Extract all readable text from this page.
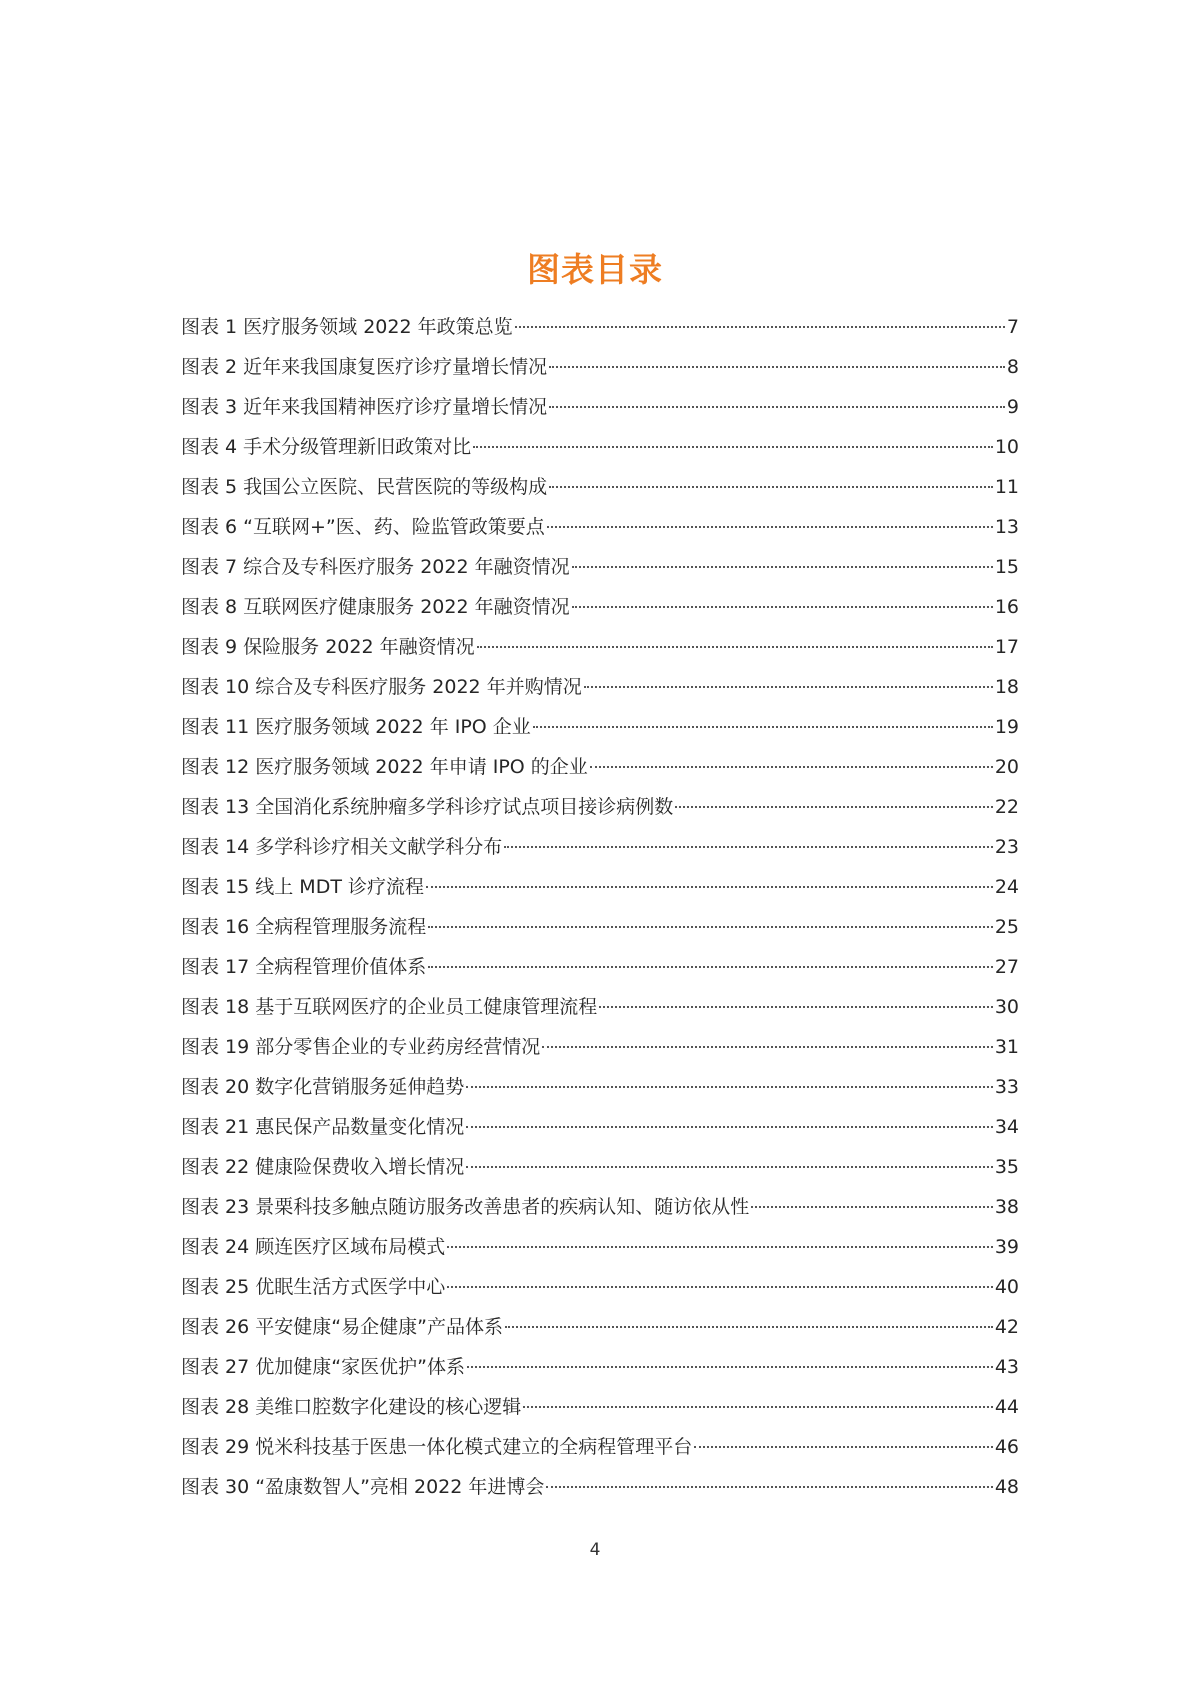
图表目录
图表 1 医疗服务领域 2022 年政策总览	7
图表 2 近年来我国康复医疗诊疗量增长情况	8
图表 3 近年来我国精神医疗诊疗量增长情况	9
图表 4 手术分级管理新旧政策对比	10
图表 5 我国公立医院、民营医院的等级构成	11
图表 6 “互联网+”医、药、险监管政策要点	13
图表 7 综合及专科医疗服务 2022 年融资情况	15
图表 8 互联网医疗健康服务 2022 年融资情况	16
图表 9 保险服务 2022 年融资情况	17
图表 10 综合及专科医疗服务 2022 年并购情况	18
图表 11 医疗服务领域 2022 年 IPO 企业	19
图表 12 医疗服务领域 2022 年申请 IPO 的企业	20
图表 13 全国消化系统肿瘤多学科诊疗试点项目接诊病例数	22
图表 14 多学科诊疗相关文献学科分布	23
图表 15 线上 MDT 诊疗流程	24
图表 16 全病程管理服务流程	25
图表 17 全病程管理价值体系	27
图表 18 基于互联网医疗的企业员工健康管理流程	30
图表 19 部分零售企业的专业药房经营情况	31
图表 20 数字化营销服务延伸趋势	33
图表 21 惠民保产品数量变化情况	34
图表 22 健康险保费收入增长情况	35
图表 23 景栗科技多触点随访服务改善患者的疾病认知、随访依从性	38
图表 24 顾连医疗区域布局模式	39
图表 25 优眠生活方式医学中心	40
图表 26 平安健康“易企健康”产品体系	42
图表 27 优加健康“家医优护”体系	43
图表 28 美维口腔数字化建设的核心逻辑	44
图表 29 悦米科技基于医患一体化模式建立的全病程管理平台	46
图表 30 “盈康数智人”亮相 2022 年进博会	48
4
